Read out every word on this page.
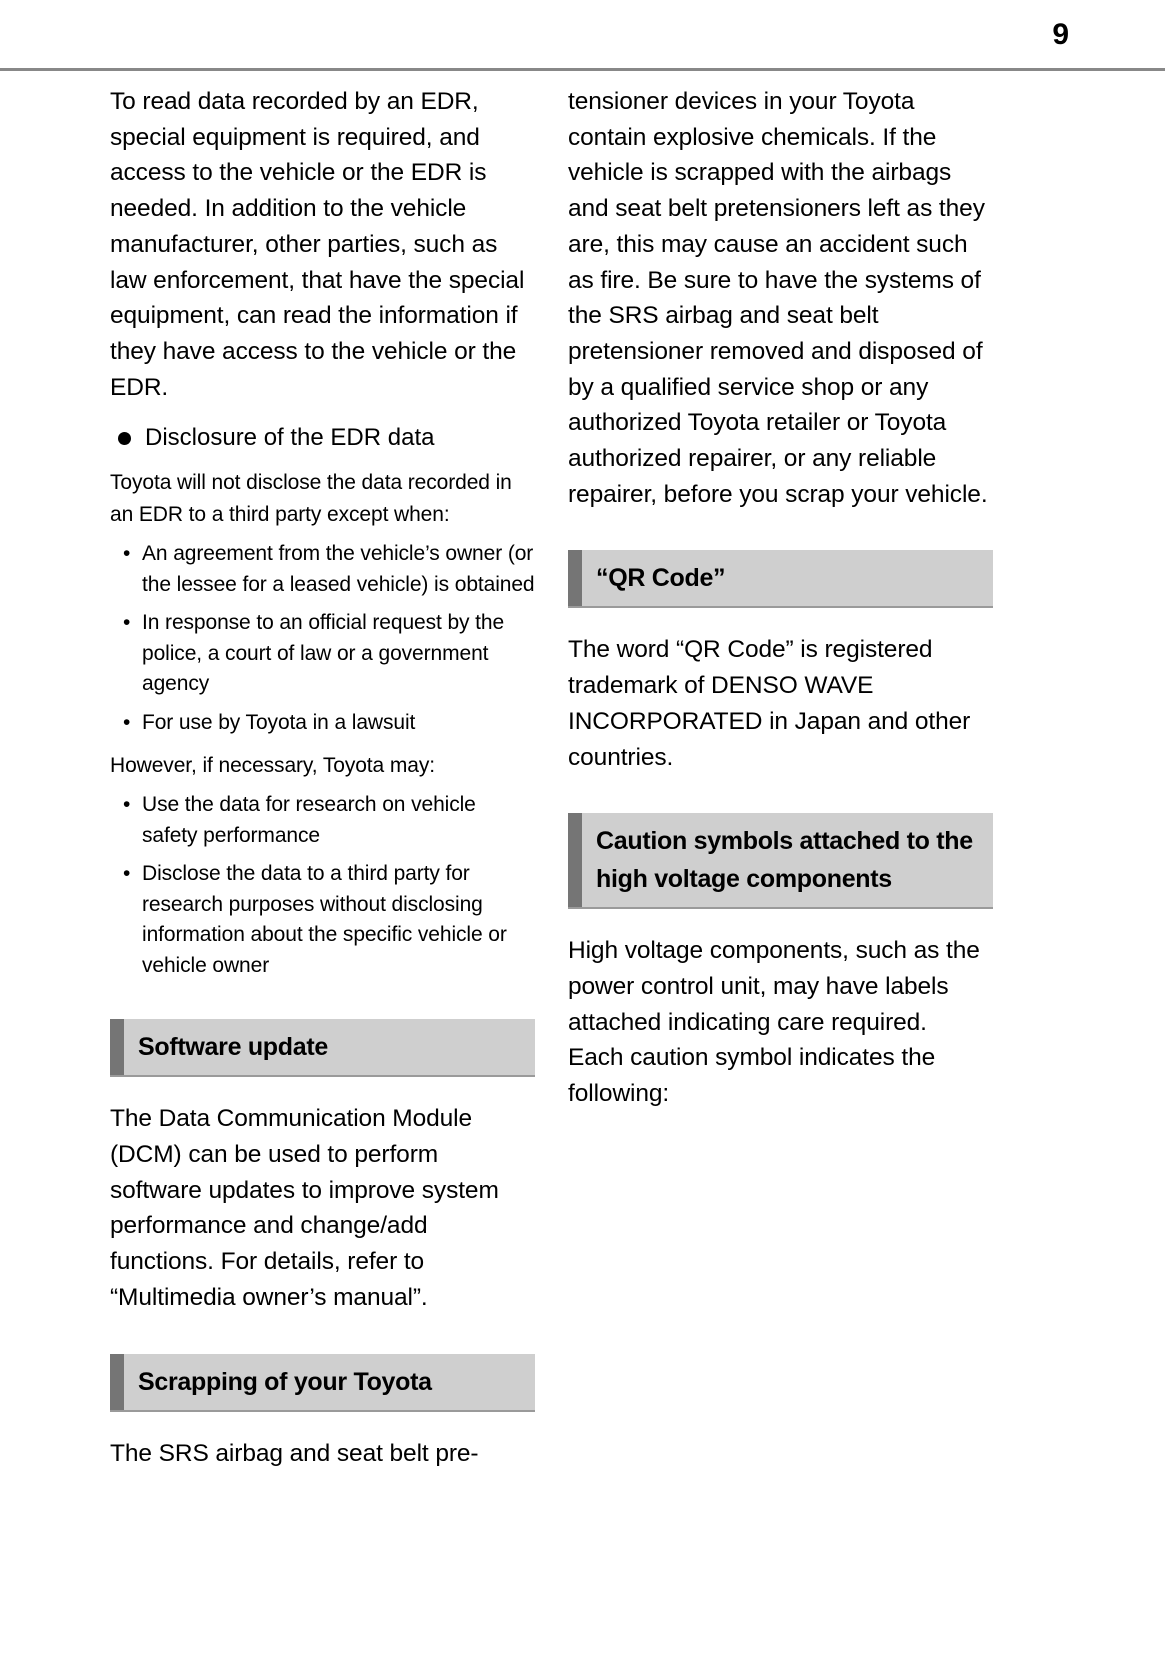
9

To read data recorded by an EDR, special equipment is required, and access to the vehicle or the EDR is needed. In addition to the vehicle manufacturer, other parties, such as law enforcement, that have the special equipment, can read the information if they have access to the vehicle or the EDR.

Disclosure of the EDR data

Toyota will not disclose the data recorded in an EDR to a third party except when:

• An agreement from the vehicle’s owner (or the lessee for a leased vehicle) is obtained
• In response to an official request by the police, a court of law or a government agency
• For use by Toyota in a lawsuit

However, if necessary, Toyota may:

• Use the data for research on vehicle safety performance
• Disclose the data to a third party for research purposes without disclosing information about the specific vehicle or vehicle owner
Software update

The Data Communication Module (DCM) can be used to perform software updates to improve system performance and change/add functions. For details, refer to “Multimedia owner’s manual”.

Scrapping of your Toyota

The SRS airbag and seat belt pre-

tensioner devices in your Toyota contain explosive chemicals. If the vehicle is scrapped with the airbags and seat belt pretensioners left as they are, this may cause an accident such as fire. Be sure to have the systems of the SRS airbag and seat belt pretensioner removed and disposed of by a qualified service shop or any authorized Toyota retailer or Toyota authorized repairer, or any reliable repairer, before you scrap your vehicle.

“QR Code”

The word “QR Code” is registered trademark of DENSO WAVE INCORPORATED in Japan and other countries.

Caution symbols attached to the high voltage components

High voltage components, such as the power control unit, may have labels attached indicating care required.

Each caution symbol indicates the following:
